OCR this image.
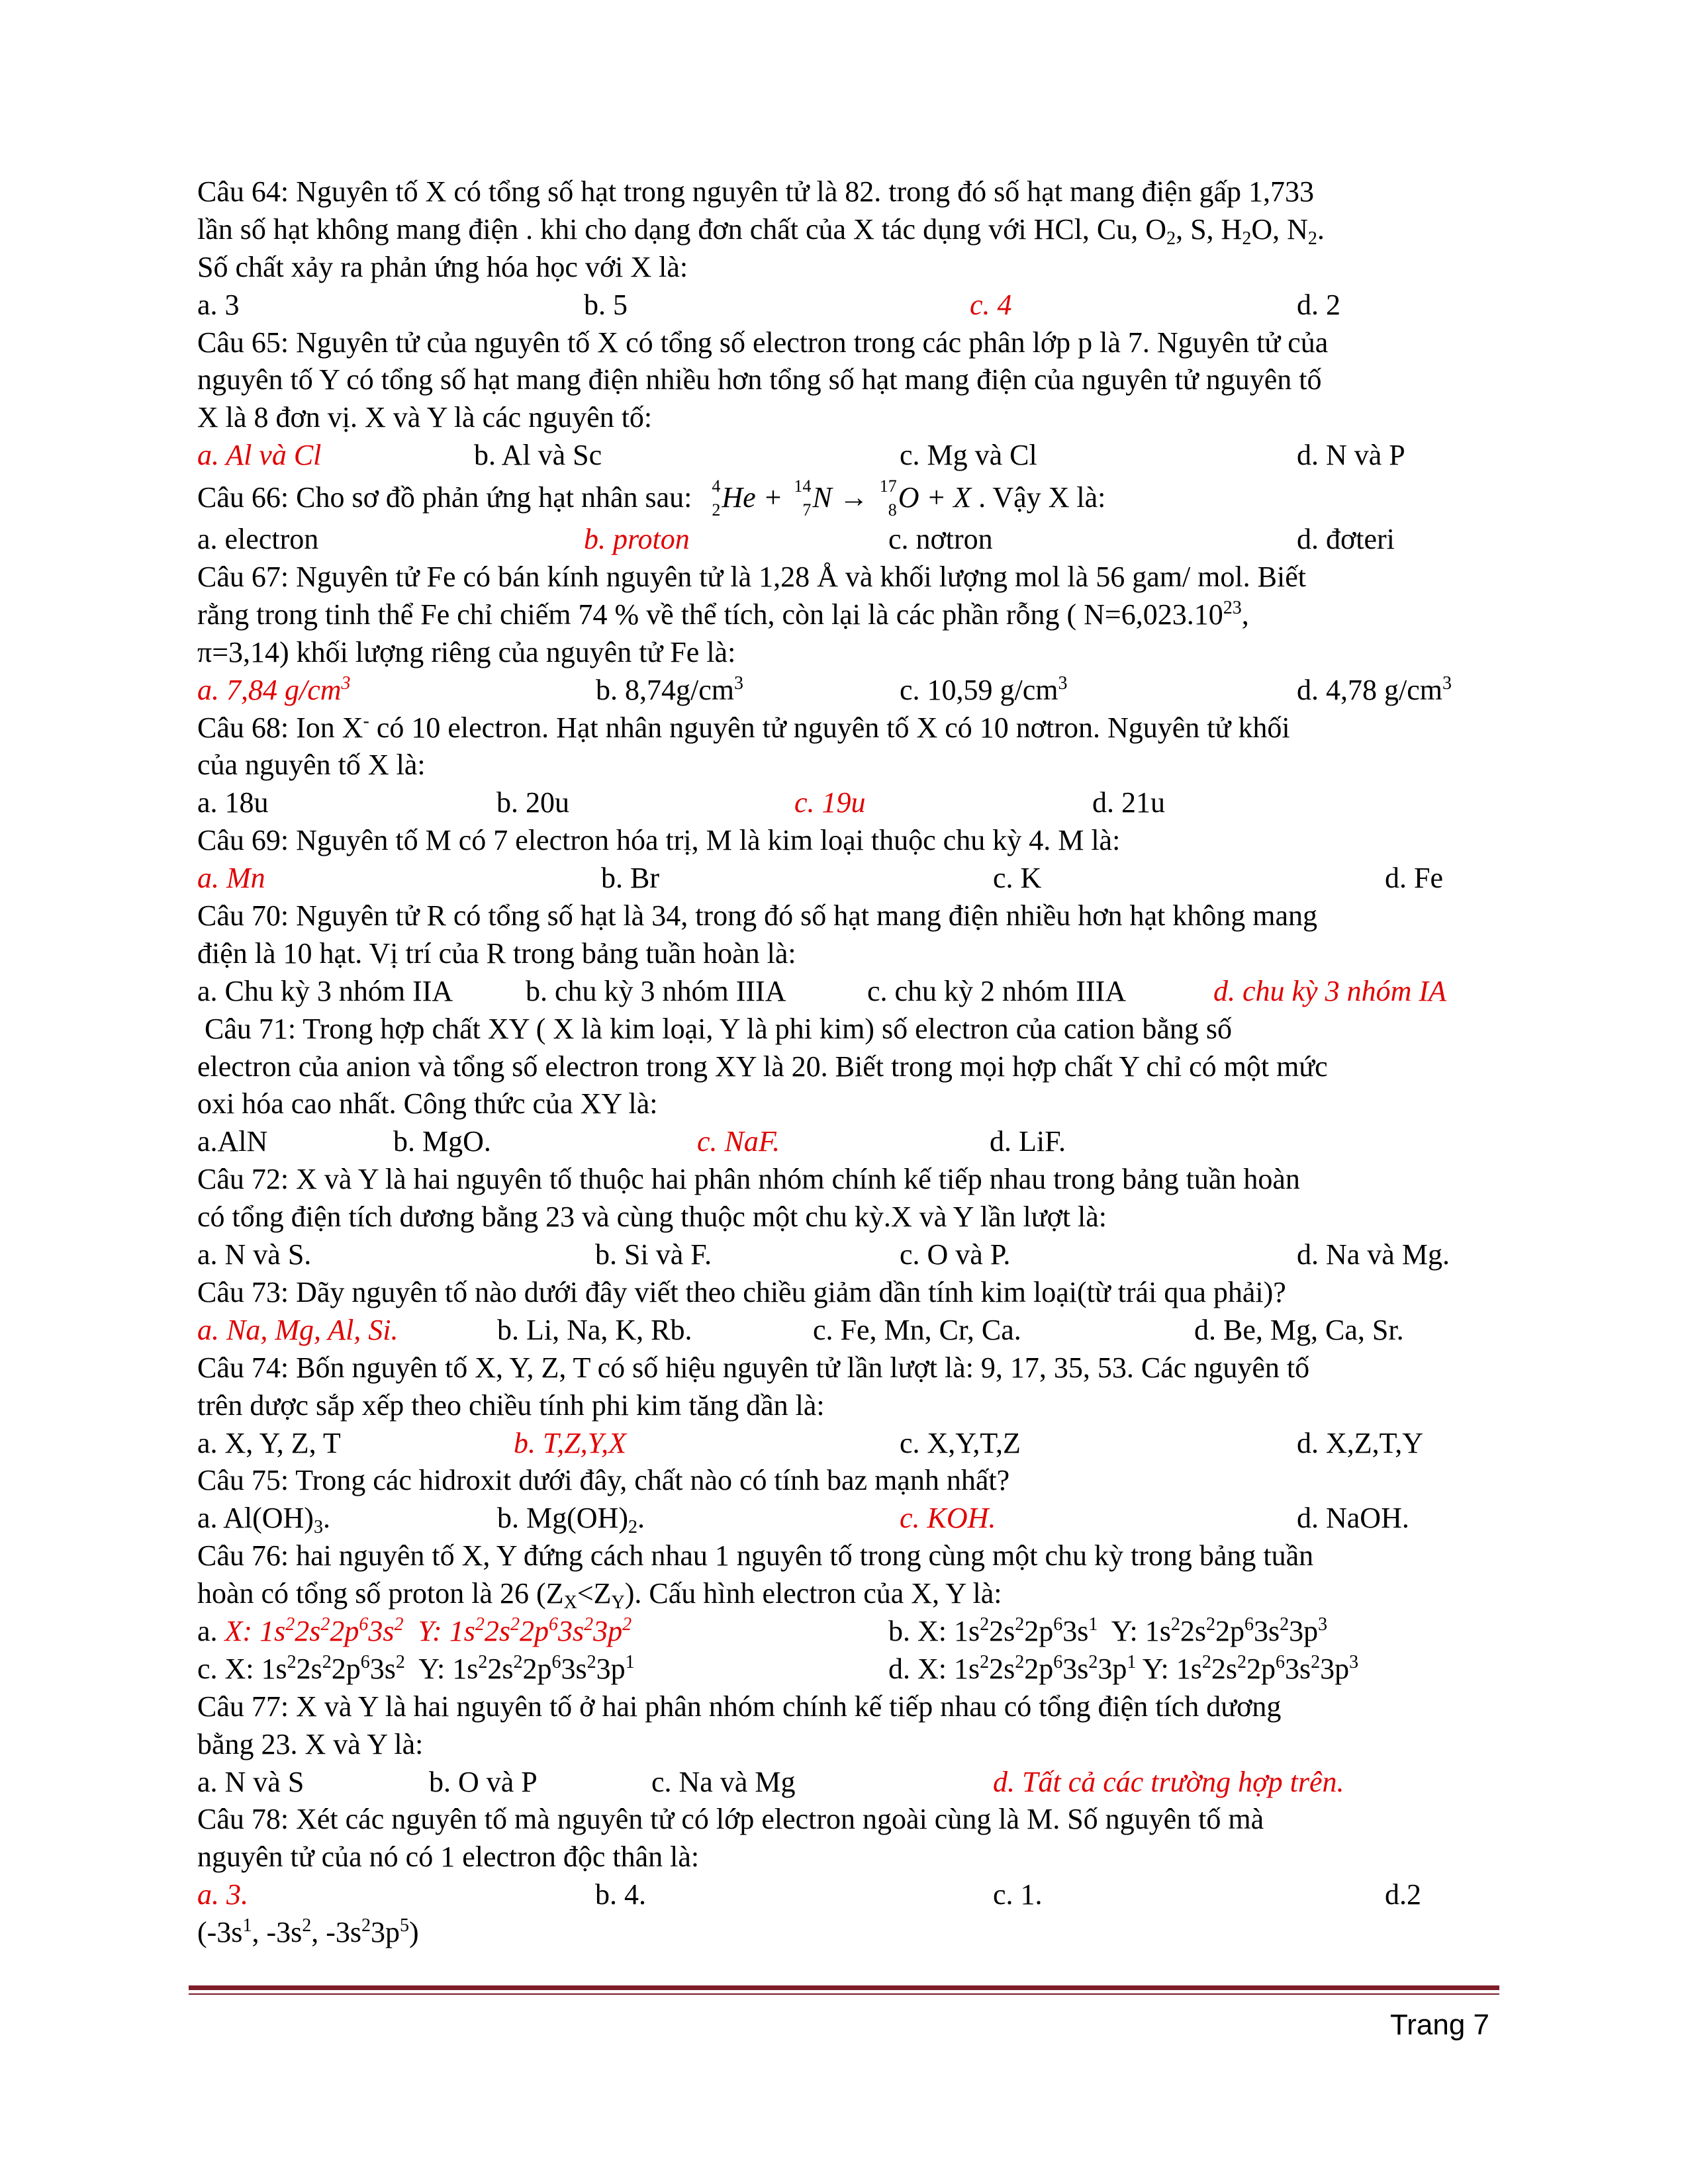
Câu 64: Nguyên tố X có tổng số hạt trong nguyên tử là 82. trong đó số hạt mang điện gấp 1,733
lần số hạt không mang điện . khi cho dạng đơn chất của X tác dụng với HCl, Cu, $O_2$, S, $H_2O$, $N_2$.
Số chất xảy ra phản ứng hóa học với X là:
a. 3	b. 5	c. 4	d. 2
Câu 65: Nguyên tử của nguyên tố X có tổng số electron trong các phân lớp p là 7. Nguyên tử của
nguyên tố Y có tổng số hạt mang điện nhiều hơn tổng số hạt mang điện của nguyên tử nguyên tố
X là 8 đơn vị. X và Y là các nguyên tố:
a. Al và Cl	b. Al và Sc	c. Mg và Cl	d. N và P
Câu 66: Cho sơ đồ phản ứng hạt nhân sau: 4
2 He + 14
7 N → 17
8 O + X . Vậy X là:
a. electron	b. proton	c. nơtron	d. đơteri
Câu 67: Nguyên tử Fe có bán kính nguyên tử là 1,28 Å và khối lượng mol là 56 gam/ mol. Biết
rằng trong tinh thể Fe chỉ chiếm 74 % về thể tích, còn lại là các phần rỗng ( $N=6,023.10^{23}$,
π=3,14) khối lượng riêng của nguyên tử Fe là:
a. 7,84 $g/cm^3$	b. $8,74g/cm^3$	c. 10,59 $g/cm^3$	d. 4,78 $g/cm^3$
Câu 68: Ion X- có 10 electron. Hạt nhân nguyên tử nguyên tố X có 10 nơtron. Nguyên tử khối
của nguyên tố X là:
a. 18u	b. 20u	c. 19u	d. 21u
Câu 69: Nguyên tố M có 7 electron hóa trị, M là kim loại thuộc chu kỳ 4. M là:
a. Mn	b. Br	c. K	d. Fe
Câu 70: Nguyên tử R có tổng số hạt là 34, trong đó số hạt mang điện nhiều hơn hạt không mang
điện là 10 hạt. Vị trí của R trong bảng tuần hoàn là:
a. Chu kỳ 3 nhóm IIA b. chu kỳ 3 nhóm IIIA	c. chu kỳ 2 nhóm IIIA	d. chu kỳ 3 nhóm IA
Câu 71: Trong hợp chất XY ( X là kim loại, Y là phi kim) số electron của cation bằng số
electron của anion và tổng số electron trong XY là 20. Biết trong mọi hợp chất Y chỉ có một mức
oxi hóa cao nhất. Công thức của XY là:
a.AlN	b. MgO.	c. NaF.	d. LiF.
Câu 72: X và Y là hai nguyên tố thuộc hai phân nhóm chính kế tiếp nhau trong bảng tuần hoàn
có tổng điện tích dương bằng 23 và cùng thuộc một chu kỳ.X và Y lần lượt là:
a. N và S.	b. Si và F.	c. O và P.	d. Na và Mg.
Câu 73: Dãy nguyên tố nào dưới đây viết theo chiều giảm dần tính kim loại(từ trái qua phải)?
a. Na, Mg, Al, Si.	b. Li, Na, K, Rb.	c. Fe, Mn, Cr, Ca.	d. Be, Mg, Ca, Sr.
Câu 74: Bốn nguyên tố X, Y, Z, T có số hiệu nguyên tử lần lượt là: 9, 17, 35, 53. Các nguyên tố
trên dược sắp xếp theo chiều tính phi kim tăng dần là:
a. X, Y, Z, T	b. T,Z,Y,X	c. X,Y,T,Z	d. X,Z,T,Y
Câu 75: Trong các hidroxit dưới đây, chất nào có tính baz mạnh nhất?
a. $Al(OH)_3$.	b. $Mg(OH)_2$.	c. KOH.	d. NaOH.
Câu 76: hai nguyên tố X, Y đứng cách nhau 1 nguyên tố trong cùng một chu kỳ trong bảng tuần
hoàn có tổng số proton là 26 $(Z_X<Z_Y)$. Cấu hình electron của X, Y là:
a. X: $1s^22s^22p^63s^2$ Y: $1s^22s^22p^63s^23p^2$	b. X: $1s^22s^22p^63s^1$ Y: $1s^22s^22p^63s^23p^3$
c. X: $1s^22s^22p^63s^2$ Y: $1s^22s^22p^63s^23p^1$	d. X: $1s^22s^22p^63s^23p^1$ Y: $1s^22s^22p^63s^23p^3$
Câu 77: X và Y là hai nguyên tố ở hai phân nhóm chính kế tiếp nhau có tổng điện tích dương
bằng 23. X và Y là:
a. N và S	b. O và P	c. Na và Mg	d. Tất cả các trường hợp trên.
Câu 78: Xét các nguyên tố mà nguyên tử có lớp electron ngoài cùng là M. Số nguyên tố mà
nguyên tử của nó có 1 electron độc thân là:
a. 3.	b. 4.	c. 1.	d.2
($-3s^1$, $-3s^2$, $-3s^23p^5$)
Trang 7
